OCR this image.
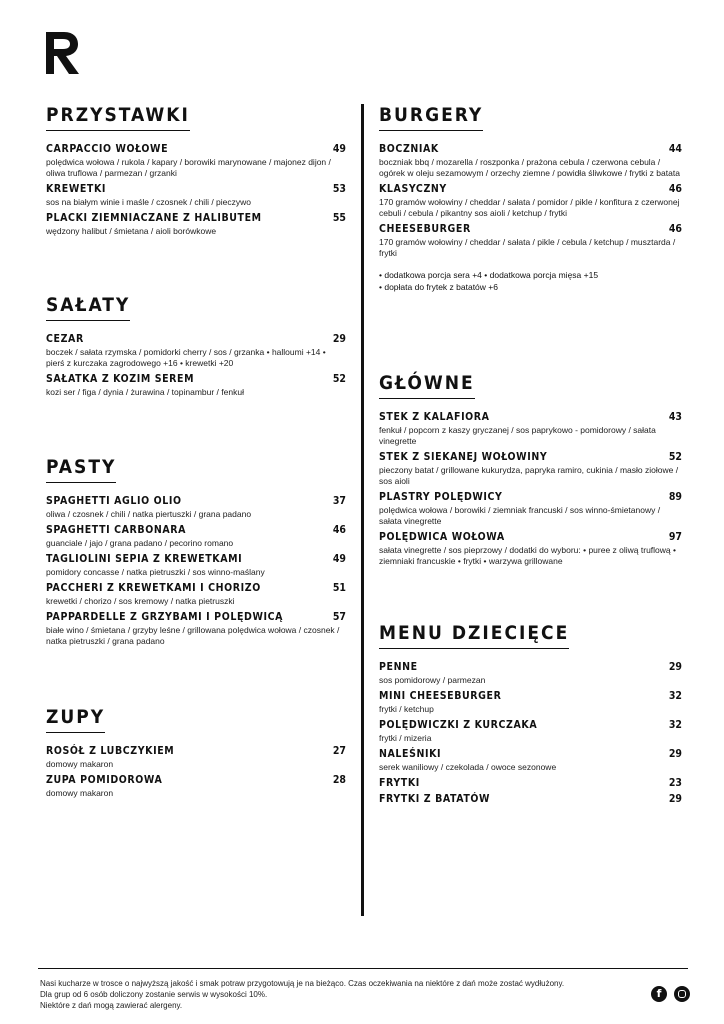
PRZYSTAWKI
CARPACCIO WOŁOWE	49
polędwica wołowa / rukola / kapary / borowiki marynowane / majonez dijon / oliwa truflowa / parmezan / grzanki
KREWETKI	53
sos na białym winie i maśle / czosnek / chili / pieczywo
PLACKI ZIEMNIACZANE Z HALIBUTEM	55
wędzony halibut / śmietana / aioli borówkowe
SAŁATY
CEZAR	29
boczek / sałata rzymska / pomidorki cherry / sos / grzanka • halloumi +14 • pierś z kurczaka zagrodowego +16 • krewetki +20
SAŁATKA Z KOZIM SEREM	52
kozi ser / figa / dynia / żurawina / topinambur / fenkuł
PASTY
SPAGHETTI AGLIO OLIO	37
oliwa / czosnek / chili / natka piertuszki / grana padano
SPAGHETTI CARBONARA	46
guanciale / jajo / grana padano / pecorino romano
TAGLIOLINI SEPIA Z KREWETKAMI	49
pomidory concasse / natka pietruszki / sos winno-maślany
PACCHERI Z KREWETKAMI I CHORIZO	51
krewetki / chorizo / sos kremowy / natka pietruszki
PAPPARDELLE Z GRZYBAMI I POLĘDWICĄ	57
białe wino / śmietana / grzyby leśne / grillowana polędwica wołowa / czosnek / natka pietruszki / grana padano
ZUPY
ROSÓŁ Z LUBCZYKIEM	27
domowy makaron
ZUPA POMIDOROWA	28
domowy makaron
BURGERY
BOCZNIAK	44
boczniak bbq / mozarella / roszponka / prażona cebula / czerwona cebula / ogórek w oleju sezamowym / orzechy ziemne / powidła śliwkowe / frytki z batata
KLASYCZNY	46
170 gramów wołowiny / cheddar / sałata / pomidor / pikle / konfitura z czerwonej cebuli / cebula / pikantny sos aioli / ketchup / frytki
CHEESEBURGER	46
170 gramów wołowiny / cheddar / sałata / pikle / cebula / ketchup / musztarda / frytki
• dodatkowa porcja sera +4 • dodatkowa porcja mięsa +15
• dopłata do frytek z batatów +6
GŁÓWNE
STEK Z KALAFIORA	43
fenkuł / popcorn z kaszy gryczanej / sos paprykowo - pomidorowy / sałata vinegrette
STEK Z SIEKANEJ WOŁOWINY	52
pieczony batat / grillowane kukurydza, papryka ramiro, cukinia / masło ziołowe / sos aioli
PLASTRY POLĘDWICY	89
polędwica wołowa / borowiki / ziemniak francuski / sos winno-śmietanowy / sałata vinegrette
POLĘDWICA WOŁOWA	97
sałata vinegrette / sos pieprzowy / dodatki do wyboru: • puree z oliwą truflową • ziemniaki francuskie • frytki • warzywa grillowane
MENU DZIECIĘCE
PENNE	29
sos pomidorowy / parmezan
MINI CHEESEBURGER	32
frytki / ketchup
POLĘDWICZKI Z KURCZAKA	32
frytki / mizeria
NALEŚNIKI	29
serek waniliowy / czekolada / owoce sezonowe
FRYTKI	23
FRYTKI Z BATATÓW	29
Nasi kucharze w trosce o najwyższą jakość i smak potraw przygotowują je na bieżąco. Czas oczekiwania na niektóre z dań może zostać wydłużony.
Dla grup od 6 osób doliczony zostanie serwis w wysokości 10%.
Niektóre z dań mogą zawierać alergeny.
f
